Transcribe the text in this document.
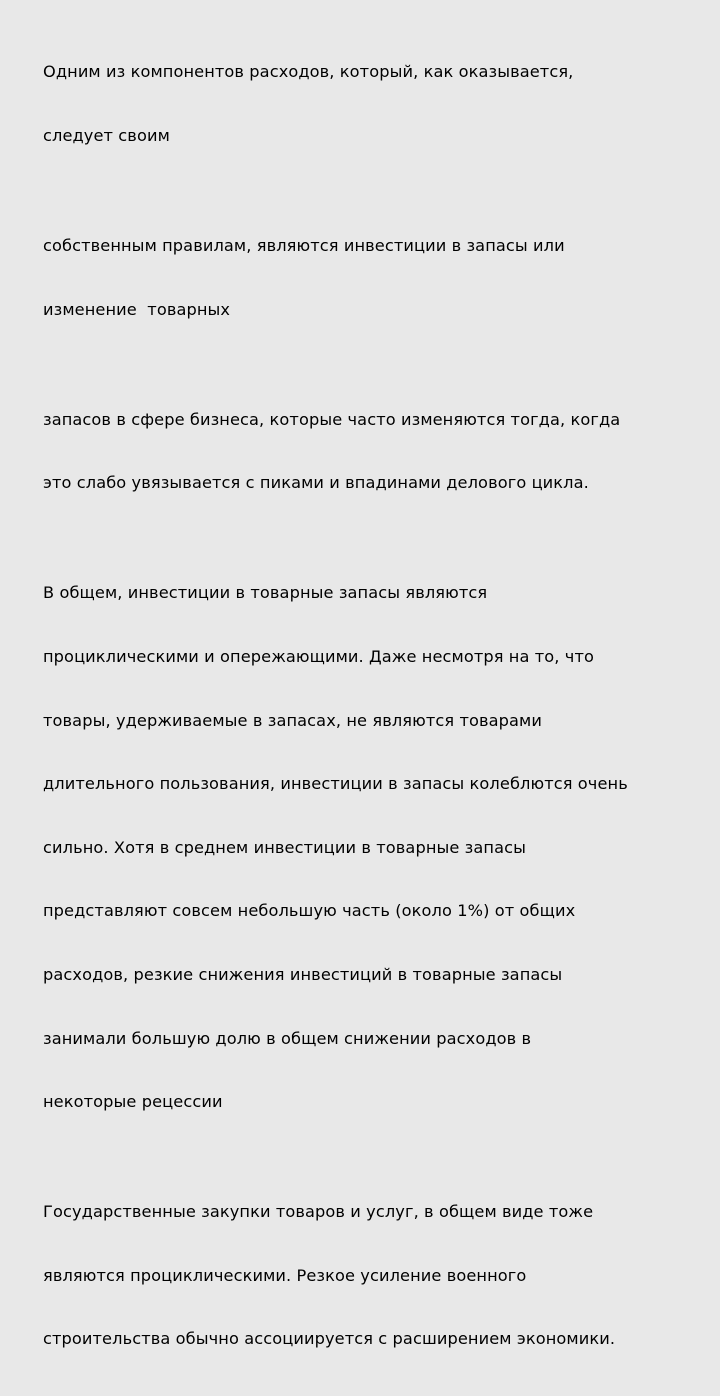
Одним из компонентов расходов, который, как оказывается,

следует своим

собственным правилам, являются инвестиции в запасы или

изменение  товарных

запасов в сфере бизнеса, которые часто изменяются тогда, когда

это слабо увязывается с пиками и впадинами делового цикла.

В общем, инвестиции в товарные запасы являются

проциклическими и опережающими. Даже несмотря на то, что

товары, удерживаемые в запасах, не являются товарами

длительного пользования, инвестиции в запасы колеблются очень

сильно. Хотя в среднем инвестиции в товарные запасы

представляют совсем небольшую часть (около 1%) от общих

расходов, резкие снижения инвестиций в товарные запасы

занимали большую долю в общем снижении расходов в

некоторые рецессии

Государственные закупки товаров и услуг, в общем виде тоже

являются проциклическими. Резкое усиление военного

строительства обычно ассоциируется с расширением экономики.
